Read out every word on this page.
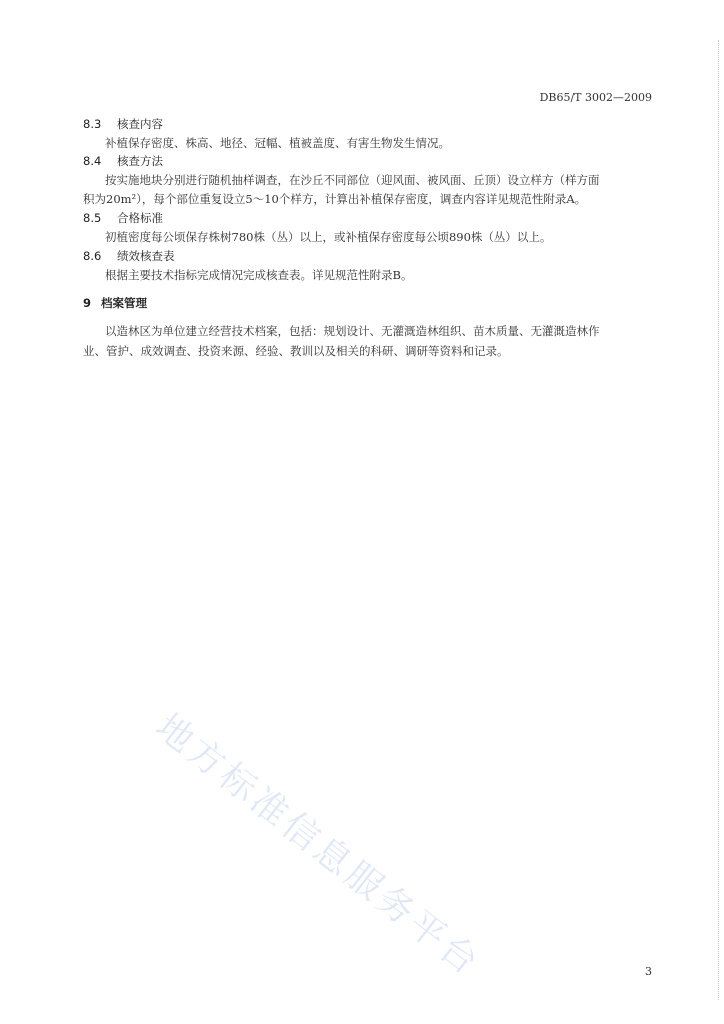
DB65/T 3002—2009
8.3 核查内容
补植保存密度、株高、地径、冠幅、植被盖度、有害生物发生情况。
8.4 核查方法
按实施地块分别进行随机抽样调查，在沙丘不同部位（迎风面、被风面、丘顶）设立样方（样方面
积为20m²），每个部位重复设立5～10个样方，计算出补植保存密度，调查内容详见规范性附录A。
8.5 合格标准
初植密度每公顷保存株树780株（丛）以上，或补植保存密度每公顷890株（丛）以上。
8.6 绩效核查表
根据主要技术指标完成情况完成核查表。详见规范性附录B。
9 档案管理
以造林区为单位建立经营技术档案，包括：规划设计、无灌溉造林组织、苗木质量、无灌溉造林作
业、管护、成效调查、投资来源、经验、教训以及相关的科研、调研等资料和记录。
地方标准信息服务平台	3
